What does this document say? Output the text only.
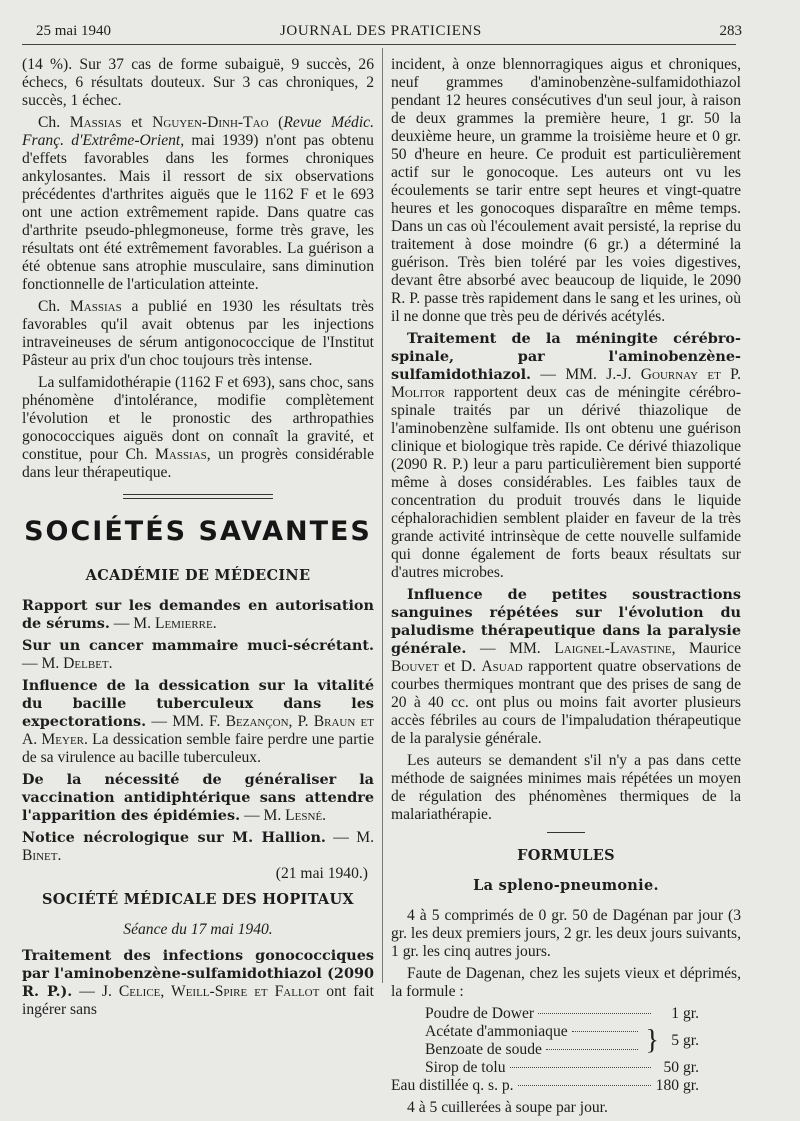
25 mai 1940	JOURNAL DES PRATICIENS	283

(14 %). Sur 37 cas de forme subaiguë, 9 succès, 26 échecs, 6 résultats douteux. Sur 3 cas chroniques, 2 succès, 1 échec.

Ch. Massias et Nguyen-Dinh-Tao (Revue Médic. Franç. d'Extrême-Orient, mai 1939) n'ont pas obtenu d'effets favorables dans les formes chroniques ankylosantes. Mais il ressort de six observations précédentes d'arthrites aiguës que le 1162 F et le 693 ont une action extrêmement rapide. Dans quatre cas d'arthrite pseudo-phlegmoneuse, forme très grave, les résultats ont été extrêmement favorables. La guérison a été obtenue sans atrophie musculaire, sans diminution fonctionnelle de l'articulation atteinte.

Ch. Massias a publié en 1930 les résultats très favorables qu'il avait obtenus par les injections intraveineuses de sérum antigonococcique de l'Institut Pâsteur au prix d'un choc toujours très intense.

La sulfamidothérapie (1162 F et 693), sans choc, sans phénomène d'intolérance, modifie complètement l'évolution et le pronostic des arthropathies gonococciques aiguës dont on connaît la gravité, et constitue, pour Ch. Massias, un progrès considérable dans leur thérapeutique.

SOCIÉTÉS SAVANTES
ACADÉMIE DE MÉDECINE

Rapport sur les demandes en autorisation de sérums. — M. Lemierre.

Sur un cancer mammaire muci-sécrétant. — M. Delbet.

Influence de la dessication sur la vitalité du bacille tuberculeux dans les expectorations. — MM. F. Bezançon, P. Braun et A. Meyer. La dessication semble faire perdre une partie de sa virulence au bacille tuberculeux.

De la nécessité de généraliser la vaccination antidiphtérique sans attendre l'apparition des épidémies. — M. Lesné.

Notice nécrologique sur M. Hallion. — M. Binet.

(21 mai 1940.)
SOCIÉTÉ MÉDICALE DES HOPITAUX
Séance du 17 mai 1940.

Traitement des infections gonococciques par l'aminobenzène-sulfamidothiazol (2090 R. P.). — J. Celice, Weill-Spire et Fallot ont fait ingérer sans

incident, à onze blennorragiques aigus et chroniques, neuf grammes d'aminobenzène-sulfamidothiazol pendant 12 heures consécutives d'un seul jour, à raison de deux grammes la première heure, 1 gr. 50 la deuxième heure, un gramme la troisième heure et 0 gr. 50 d'heure en heure. Ce produit est particulièrement actif sur le gonocoque. Les auteurs ont vu les écoulements se tarir entre sept heures et vingt-quatre heures et les gonocoques disparaître en même temps. Dans un cas où l'écoulement avait persisté, la reprise du traitement à dose moindre (6 gr.) a déterminé la guérison. Très bien toléré par les voies digestives, devant être absorbé avec beaucoup de liquide, le 2090 R. P. passe très rapidement dans le sang et les urines, où il ne donne que très peu de dérivés acétylés.

Traitement de la méningite cérébro-spinale, par l'aminobenzène-sulfamidothiazol. — MM. J.-J. Gournay et P. Molitor rapportent deux cas de méningite cérébro-spinale traités par un dérivé thiazolique de l'aminobenzène sulfamide. Ils ont obtenu une guérison clinique et biologique très rapide. Ce dérivé thiazolique (2090 R. P.) leur a paru particulièrement bien supporté même à doses considérables. Les faibles taux de concentration du produit trouvés dans le liquide céphalorachidien semblent plaider en faveur de la très grande activité intrinsèque de cette nouvelle sulfamide qui donne également de forts beaux résultats sur d'autres microbes.

Influence de petites soustractions sanguines répétées sur l'évolution du paludisme thérapeutique dans la paralysie générale. — MM. Laignel-Lavastine, Maurice Bouvet et D. Asuad rapportent quatre observations de courbes thermiques montrant que des prises de sang de 20 à 40 cc. ont plus ou moins fait avorter plusieurs accès fébriles au cours de l'impaludation thérapeutique de la paralysie générale.

Les auteurs se demandent s'il n'y a pas dans cette méthode de saignées minimes mais répétées un moyen de régulation des phénomènes thermiques de la malariathérapie.

FORMULES
La spleno-pneumonie.

4 à 5 comprimés de 0 gr. 50 de Dagénan par jour (3 gr. les deux premiers jours, 2 gr. les deux jours suivants, 1 gr. les cinq autres jours.

Faute de Dagenan, chez les sujets vieux et déprimés, la formule :

Poudre de Dower	1 gr.
Acétate d'ammoniaque
Benzoate de soude	} 5 gr.
Sirop de tolu	50 gr.
Eau distillée q. s. p.	180 gr.

4 à 5 cuillerées à soupe par jour.
